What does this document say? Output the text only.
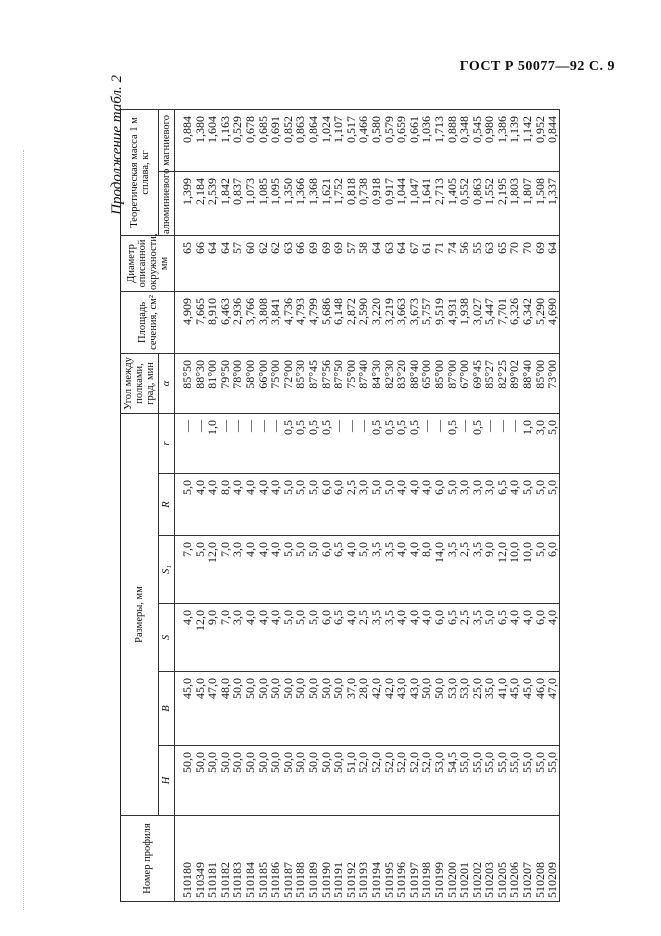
ГОСТ Р 50077—92 С. 9
Продолжение табл. 2
Номер профиля	Размеры, мм						Угол между полками, град, мин	Площадь сечения, см²	Диаметр описанной окружности, мм	Теоретическая масса 1 м сплава, кг	
	H	B	S	S₁	R	r	α			алюминиевого	магниевого
510180	50,0	45,0	4,0	7,0	5,0	—	85°50	4,909	65	1,399	0,884
510349	50,0	45,0	12,0	5,0	4,0	—	88°30	7,665	66	2,184	1,380
510181	50,0	47,0	9,0	12,0	4,0	1,0	81°00	8,910	64	2,539	1,604
510182	50,0	48,0	7,0	7,0	8,0	—	79°50	6,463	64	1,842	1,163
510183	50,0	50,0	3,0	3,0	4,0	—	78°00	2,936	57	0,837	0,529
510184	50,0	50,0	4,0	4,0	4,0	—	58°00	3,766	60	1,073	0,678
510185	50,0	50,0	4,0	4,0	4,0	—	66°00	3,808	62	1,085	0,685
510186	50,0	50,0	4,0	4,0	4,0	—	75°00	3,841	62	1,095	0,691
510187	50,0	50,0	5,0	5,0	5,0	0,5	72°00	4,736	63	1,350	0,852
510188	50,0	50,0	5,0	5,0	5,0	0,5	85°30	4,793	66	1,366	0,863
510189	50,0	50,0	5,0	5,0	5,0	0,5	87°45	4,799	69	1,368	0,864
510190	50,0	50,0	6,0	6,0	6,0	0,5	87°56	5,686	69	1,621	1,024
510191	50,0	50,0	6,5	6,5	6,0	—	87°50	6,148	69	1,752	1,107
510192	51,0	37,0	4,0	4,0	2,5	—	75°00	2,872	57	0,818	0,517
510193	52,0	28,0	2,5	5,0	3,0	—	87°40	2,590	58	0,738	0,466
510194	52,0	42,0	3,5	3,5	5,0	0,5	84°30	3,220	64	0,918	0,580
510195	52,0	42,0	3,5	3,5	5,0	0,5	82°30	3,219	63	0,917	0,579
510196	52,0	43,0	4,0	4,0	4,0	0,5	83°20	3,663	64	1,044	0,659
510197	52,0	43,0	4,0	4,0	4,0	0,5	88°40	3,673	67	1,047	0,661
510198	52,0	50,0	4,0	8,0	4,0	—	65°00	5,757	61	1,641	1,036
510199	53,0	50,0	6,0	14,0	6,0	—	85°00	9,519	71	2,713	1,713
510200	54,5	53,0	6,5	3,5	5,0	0,5	87°00	4,931	74	1,405	0,888
510201	55,0	53,0	2,5	2,5	3,0	—	67°00	1,938	56	0,552	0,348
510202	55,0	25,0	3,5	3,5	3,0	0,5	69°45	3,027	55	0,863	0,545
510203	55,0	35,0	5,0	9,0	3,0	—	85°27	5,447	63	1,552	0,980
510205	55,0	41,0	6,5	12,0	6,5	—	82°25	7,701	65	2,195	1,386
510206	55,0	45,0	4,0	10,0	4,0	—	89°02	6,326	70	1,803	1,139
510207	55,0	45,0	4,0	10,0	5,0	1,0	88°40	6,342	70	1,807	1,142
510208	55,0	46,0	6,0	5,0	5,0	3,0	85°00	5,290	69	1,508	0,952
510209	55,0	47,0	4,0	6,0	5,0	5,0	73°00	4,690	64	1,337	0,844
